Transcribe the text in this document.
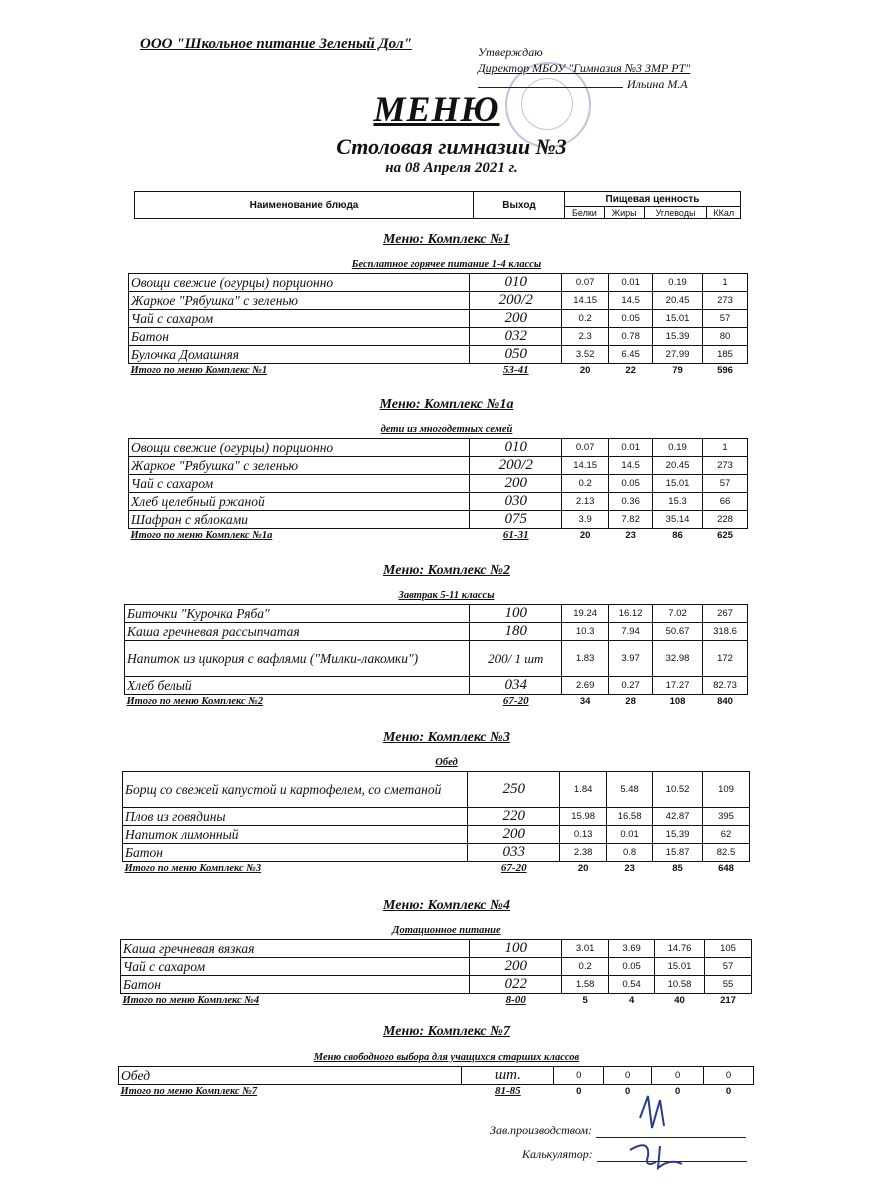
ООО "Школьное питание Зеленый Дол"	Утверждаю
Директор МБОУ "Гимназия №3 ЗМР РТ"
Ильина М.А
МЕНЮ
Столовая гимназии №3
на 08 Апреля 2021 г.
Наименование блюда	Выход	Пищевая ценность			
		Белки	Жиры	Углеводы	ККал
Меню: Комплекс №1
Бесплатное горячее питание 1-4 классы
Овощи свежие (огурцы) порционно	010	0.07	0.01	0.19	1
Жаркое "Рябушка" с зеленью	200/2	14.15	14.5	20.45	273
Чай с сахаром	200	0.2	0.05	15.01	57
Батон	032	2.3	0.78	15.39	80
Булочка Домашняя	050	3.52	6.45	27.99	185
Итого по меню Комплекс №1	53-41	20	22	79	596
Меню: Комплекс №1а
дети из многодетных семей
Овощи свежие (огурцы) порционно	010	0.07	0.01	0.19	1
Жаркое "Рябушка" с зеленью	200/2	14.15	14.5	20.45	273
Чай с сахаром	200	0.2	0.05	15.01	57
Хлеб целебный ржаной	030	2.13	0.36	15.3	66
Шафран с яблоками	075	3.9	7.82	35.14	228
Итого по меню Комплекс №1а	61-31	20	23	86	625
Меню: Комплекс №2
Завтрак 5-11 классы
Биточки "Курочка Ряба"	100	19.24	16.12	7.02	267
Каша гречневая рассыпчатая	180	10.3	7.94	50.67	318.6
Напиток из цикория с вафлями ("Милки-лакомки")	200/ 1 шт	1.83	3.97	32.98	172
Хлеб белый	034	2.69	0.27	17.27	82.73
Итого по меню Комплекс №2	67-20	34	28	108	840
Меню: Комплекс №3
Обед
Борщ со свежей капустой и картофелем, со сметаной	250	1.84	5.48	10.52	109
Плов из говядины	220	15.98	16.58	42.87	395
Напиток лимонный	200	0.13	0.01	15.39	62
Батон	033	2.38	0.8	15.87	82.5
Итого по меню Комплекс №3	67-20	20	23	85	648
Меню: Комплекс №4
Дотационное питание
Каша гречневая вязкая	100	3.01	3.69	14.76	105
Чай с сахаром	200	0.2	0.05	15.01	57
Батон	022	1.58	0.54	10.58	55
Итого по меню Комплекс №4	8-00	5	4	40	217
Меню: Комплекс №7
Меню свободного выбора для учащихся старших классов
Обед	шт.	0	0	0	0
Итого по меню Комплекс №7	81-85	0	0	0	0
Зав.производством:
Калькулятор:
